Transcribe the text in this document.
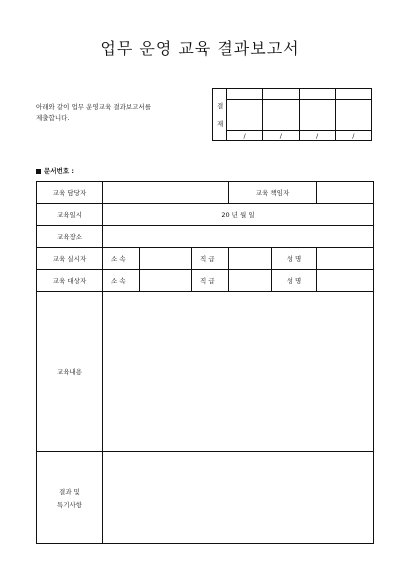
업무 운영 교육 결과보고서
아래와 같이 업무 운영교육 결과보고서를
제출합니다.
결
재
/	/	/	/
문서번호 :
교육 담당자				교육 책임자		
교육일시	20 년 월 일					
교육장소						
교육 실시자	소 속		직 급		성 명	
교육 대상자	소 속		직 급		성 명	
교육내용						

결과 및
특기사항						
